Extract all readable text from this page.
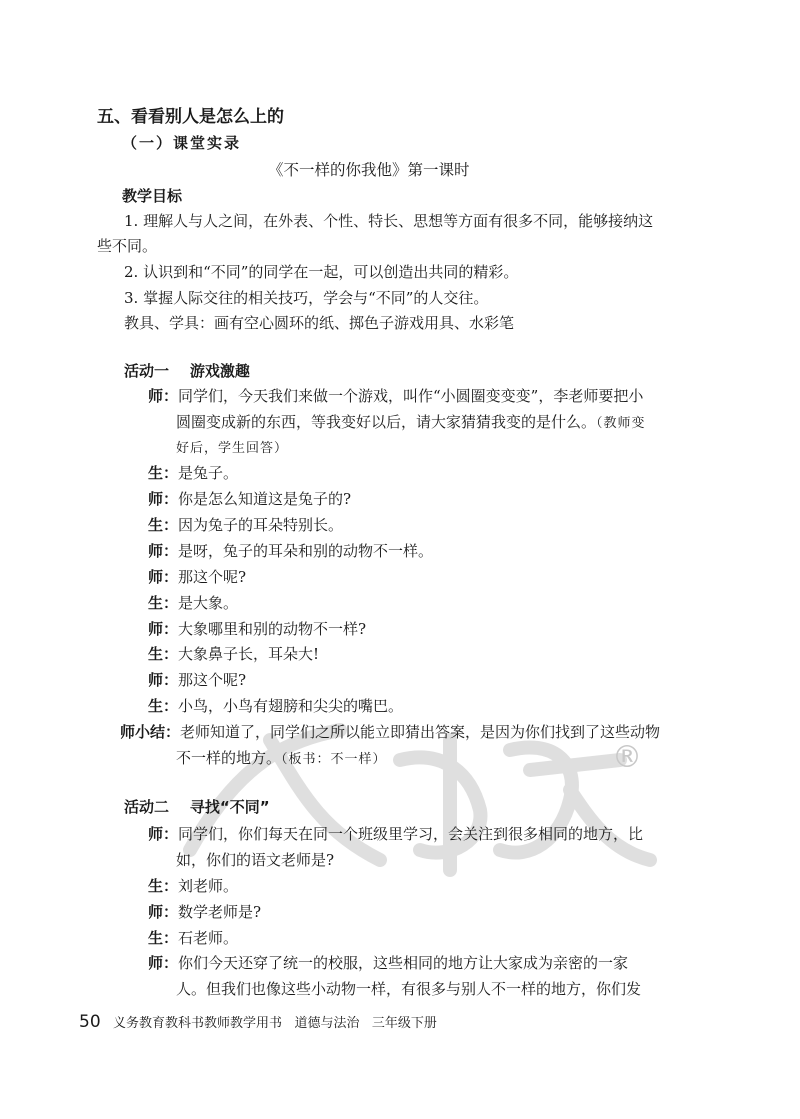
®
五、看看别人是怎么上的
（一）课堂实录
《不一样的你我他》第一课时
教学目标
1. 理解人与人之间，在外表、个性、特长、思想等方面有很多不同，能够接纳这
些不同。
2. 认识到和“不同”的同学在一起，可以创造出共同的精彩。
3. 掌握人际交往的相关技巧，学会与“不同”的人交往。
教具、学具：画有空心圆环的纸、掷色子游戏用具、水彩笔
活动一 游戏激趣
师：同学们，今天我们来做一个游戏，叫作“小圆圈变变变”，李老师要把小
圆圈变成新的东西，等我变好以后，请大家猜猜我变的是什么。（教师变
好后，学生回答）
生：是兔子。
师：你是怎么知道这是兔子的?
生：因为兔子的耳朵特别长。
师：是呀，兔子的耳朵和别的动物不一样。
师：那这个呢?
生：是大象。
师：大象哪里和别的动物不一样?
生：大象鼻子长，耳朵大!
师：那这个呢?
生：小鸟，小鸟有翅膀和尖尖的嘴巴。
师小结：老师知道了，同学们之所以能立即猜出答案，是因为你们找到了这些动物
不一样的地方。（板书：不一样）
活动二 寻找“不同”
师：同学们，你们每天在同一个班级里学习，会关注到很多相同的地方，比
如，你们的语文老师是?
生：刘老师。
师：数学老师是?
生：石老师。
师：你们今天还穿了统一的校服，这些相同的地方让大家成为亲密的一家
人。但我们也像这些小动物一样，有很多与别人不一样的地方，你们发
50 义务教育教科书教师教学用书 道德与法治 三年级下册
